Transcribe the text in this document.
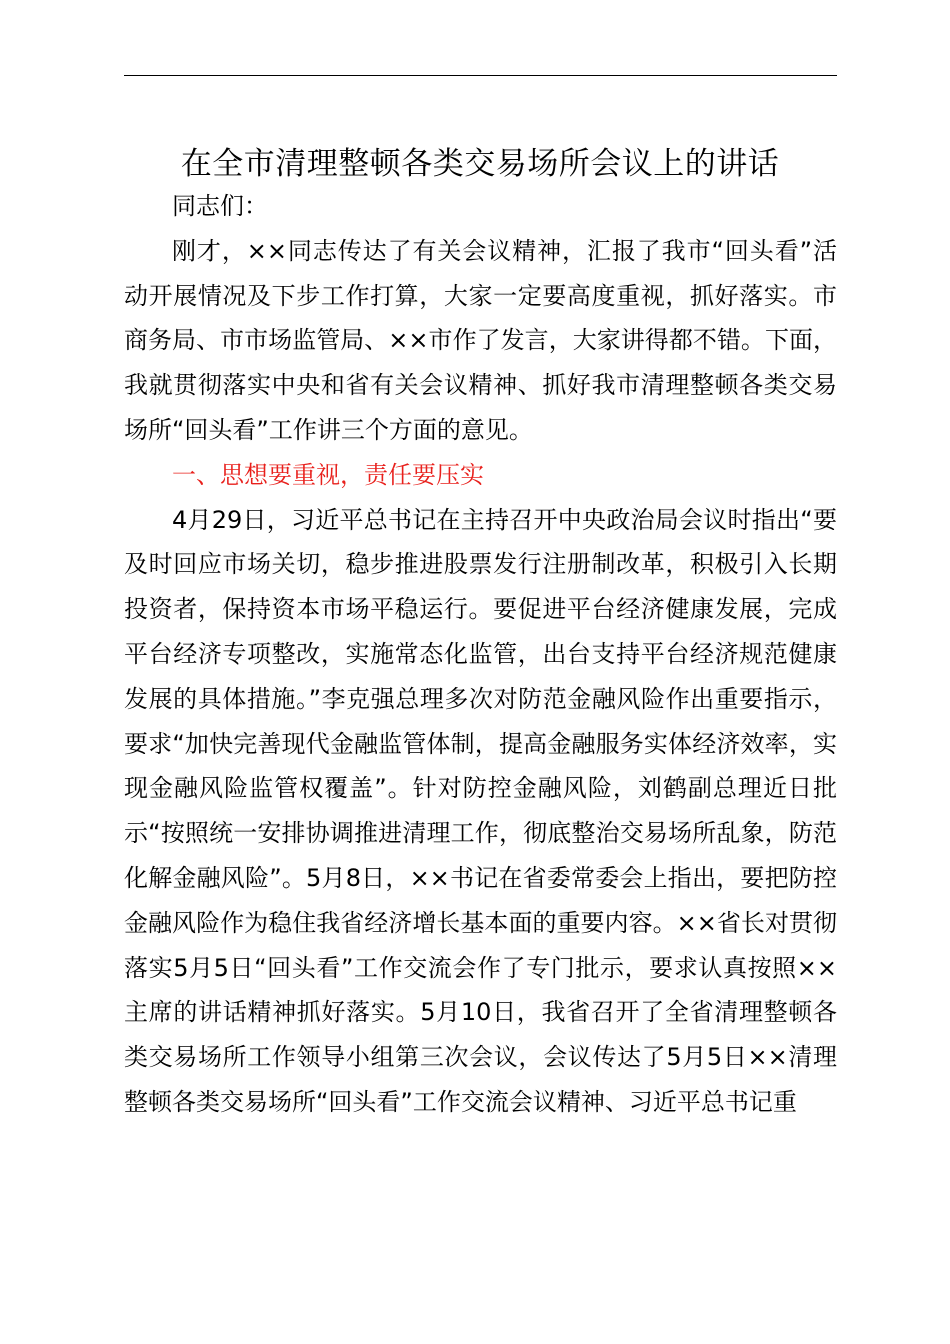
在全市清理整顿各类交易场所会议上的讲话

同志们：

刚才，××同志传达了有关会议精神，汇报了我市“回头看”活动开展情况及下步工作打算，大家一定要高度重视，抓好落实。市商务局、市市场监管局、××市作了发言，大家讲得都不错。下面，我就贯彻落实中央和省有关会议精神、抓好我市清理整顿各类交易场所“回头看”工作讲三个方面的意见。

一、思想要重视，责任要压实

4月29日，习近平总书记在主持召开中央政治局会议时指出“要及时回应市场关切，稳步推进股票发行注册制改革，积极引入长期投资者，保持资本市场平稳运行。要促进平台经济健康发展，完成平台经济专项整改，实施常态化监管，出台支持平台经济规范健康发展的具体措施。”李克强总理多次对防范金融风险作出重要指示，要求“加快完善现代金融监管体制，提高金融服务实体经济效率，实现金融风险监管权覆盖”。针对防控金融风险，刘鹤副总理近日批示“按照统一安排协调推进清理工作，彻底整治交易场所乱象，防范化解金融风险”。5月8日，××书记在省委常委会上指出，要把防控金融风险作为稳住我省经济增长基本面的重要内容。××省长对贯彻落实5月5日“回头看”工作交流会作了专门批示，要求认真按照××主席的讲话精神抓好落实。5月10日，我省召开了全省清理整顿各类交易场所工作领导小组第三次会议，会议传达了5月5日××清理整顿各类交易场所“回头看”工作交流会议精神、习近平总书记重
